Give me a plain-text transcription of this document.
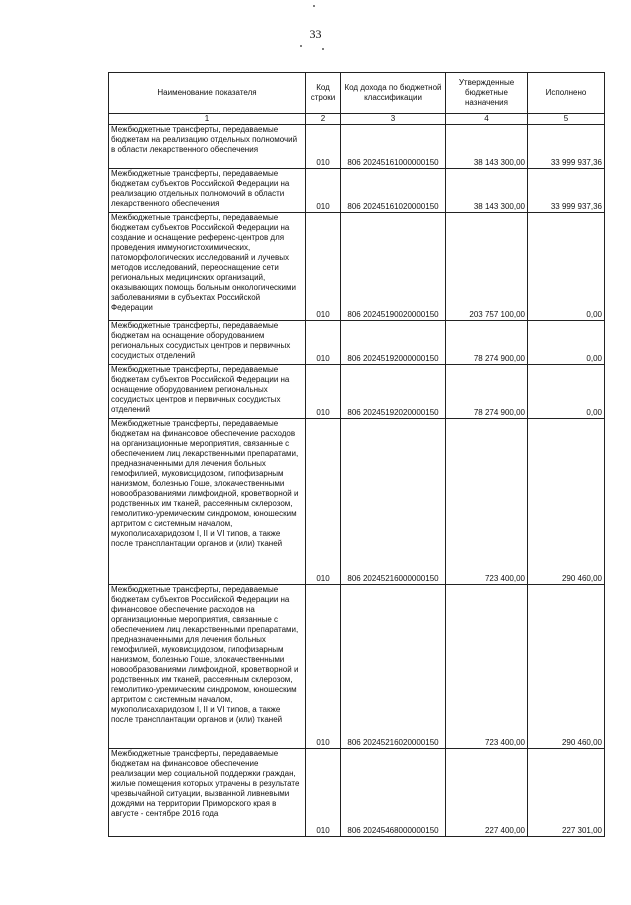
33
Наименование показателя	Код строки	Код дохода по бюджетной классификации	Утвержденные бюджетные назначения	Исполнено
1	2	3	4	5
Межбюджетные трансферты, передаваемые бюджетам на реализацию отдельных полномочий в области лекарственного обеспечения	010	806 20245161000000150	38 143 300,00	33 999 937,36
Межбюджетные трансферты, передаваемые бюджетам субъектов Российской Федерации на реализацию отдельных полномочий в области лекарственного обеспечения	010	806 20245161020000150	38 143 300,00	33 999 937,36
Межбюджетные трансферты, передаваемые бюджетам субъектов Российской Федерации на создание и оснащение референс-центров для проведения иммуногистохимических, патоморфологических исследований и лучевых методов исследований, переоснащение сети региональных медицинских организаций, оказывающих помощь больным онкологическими заболеваниями в субъектах Российской Федерации	010	806 20245190020000150	203 757 100,00	0,00
Межбюджетные трансферты, передаваемые бюджетам на оснащение оборудованием региональных сосудистых центров и первичных сосудистых отделений	010	806 20245192000000150	78 274 900,00	0,00
Межбюджетные трансферты, передаваемые бюджетам субъектов Российской Федерации на оснащение оборудованием региональных сосудистых центров и первичных сосудистых отделений	010	806 20245192020000150	78 274 900,00	0,00
Межбюджетные трансферты, передаваемые бюджетам на финансовое обеспечение расходов на организационные мероприятия, связанные с обеспечением лиц лекарственными препаратами, предназначенными для лечения больных гемофилией, муковисцидозом, гипофизарным нанизмом, болезнью Гоше, злокачественными новообразованиями лимфоидной, кроветворной и родственных им тканей, рассеянным склерозом, гемолитико-уремическим синдромом, юношеским артритом с системным началом, мукополисахаридозом I, II и VI типов, а также после трансплантации органов и (или) тканей	010	806 20245216000000150	723 400,00	290 460,00
Межбюджетные трансферты, передаваемые бюджетам субъектов Российской Федерации на финансовое обеспечение расходов на организационные мероприятия, связанные с обеспечением лиц лекарственными препаратами, предназначенными для лечения больных гемофилией, муковисцидозом, гипофизарным нанизмом, болезнью Гоше, злокачественными новообразованиями лимфоидной, кроветворной и родственных им тканей, рассеянным склерозом, гемолитико-уремическим синдромом, юношеским артритом с системным началом, мукополисахаридозом I, II и VI типов, а также после трансплантации органов и (или) тканей	010	806 20245216020000150	723 400,00	290 460,00
Межбюджетные трансферты, передаваемые бюджетам на финансовое обеспечение реализации мер социальной поддержки граждан, жилые помещения которых утрачены в результате чрезвычайной ситуации, вызванной ливневыми дождями на территории Приморского края в августе - сентябре 2016 года	010	806 20245468000000150	227 400,00	227 301,00
